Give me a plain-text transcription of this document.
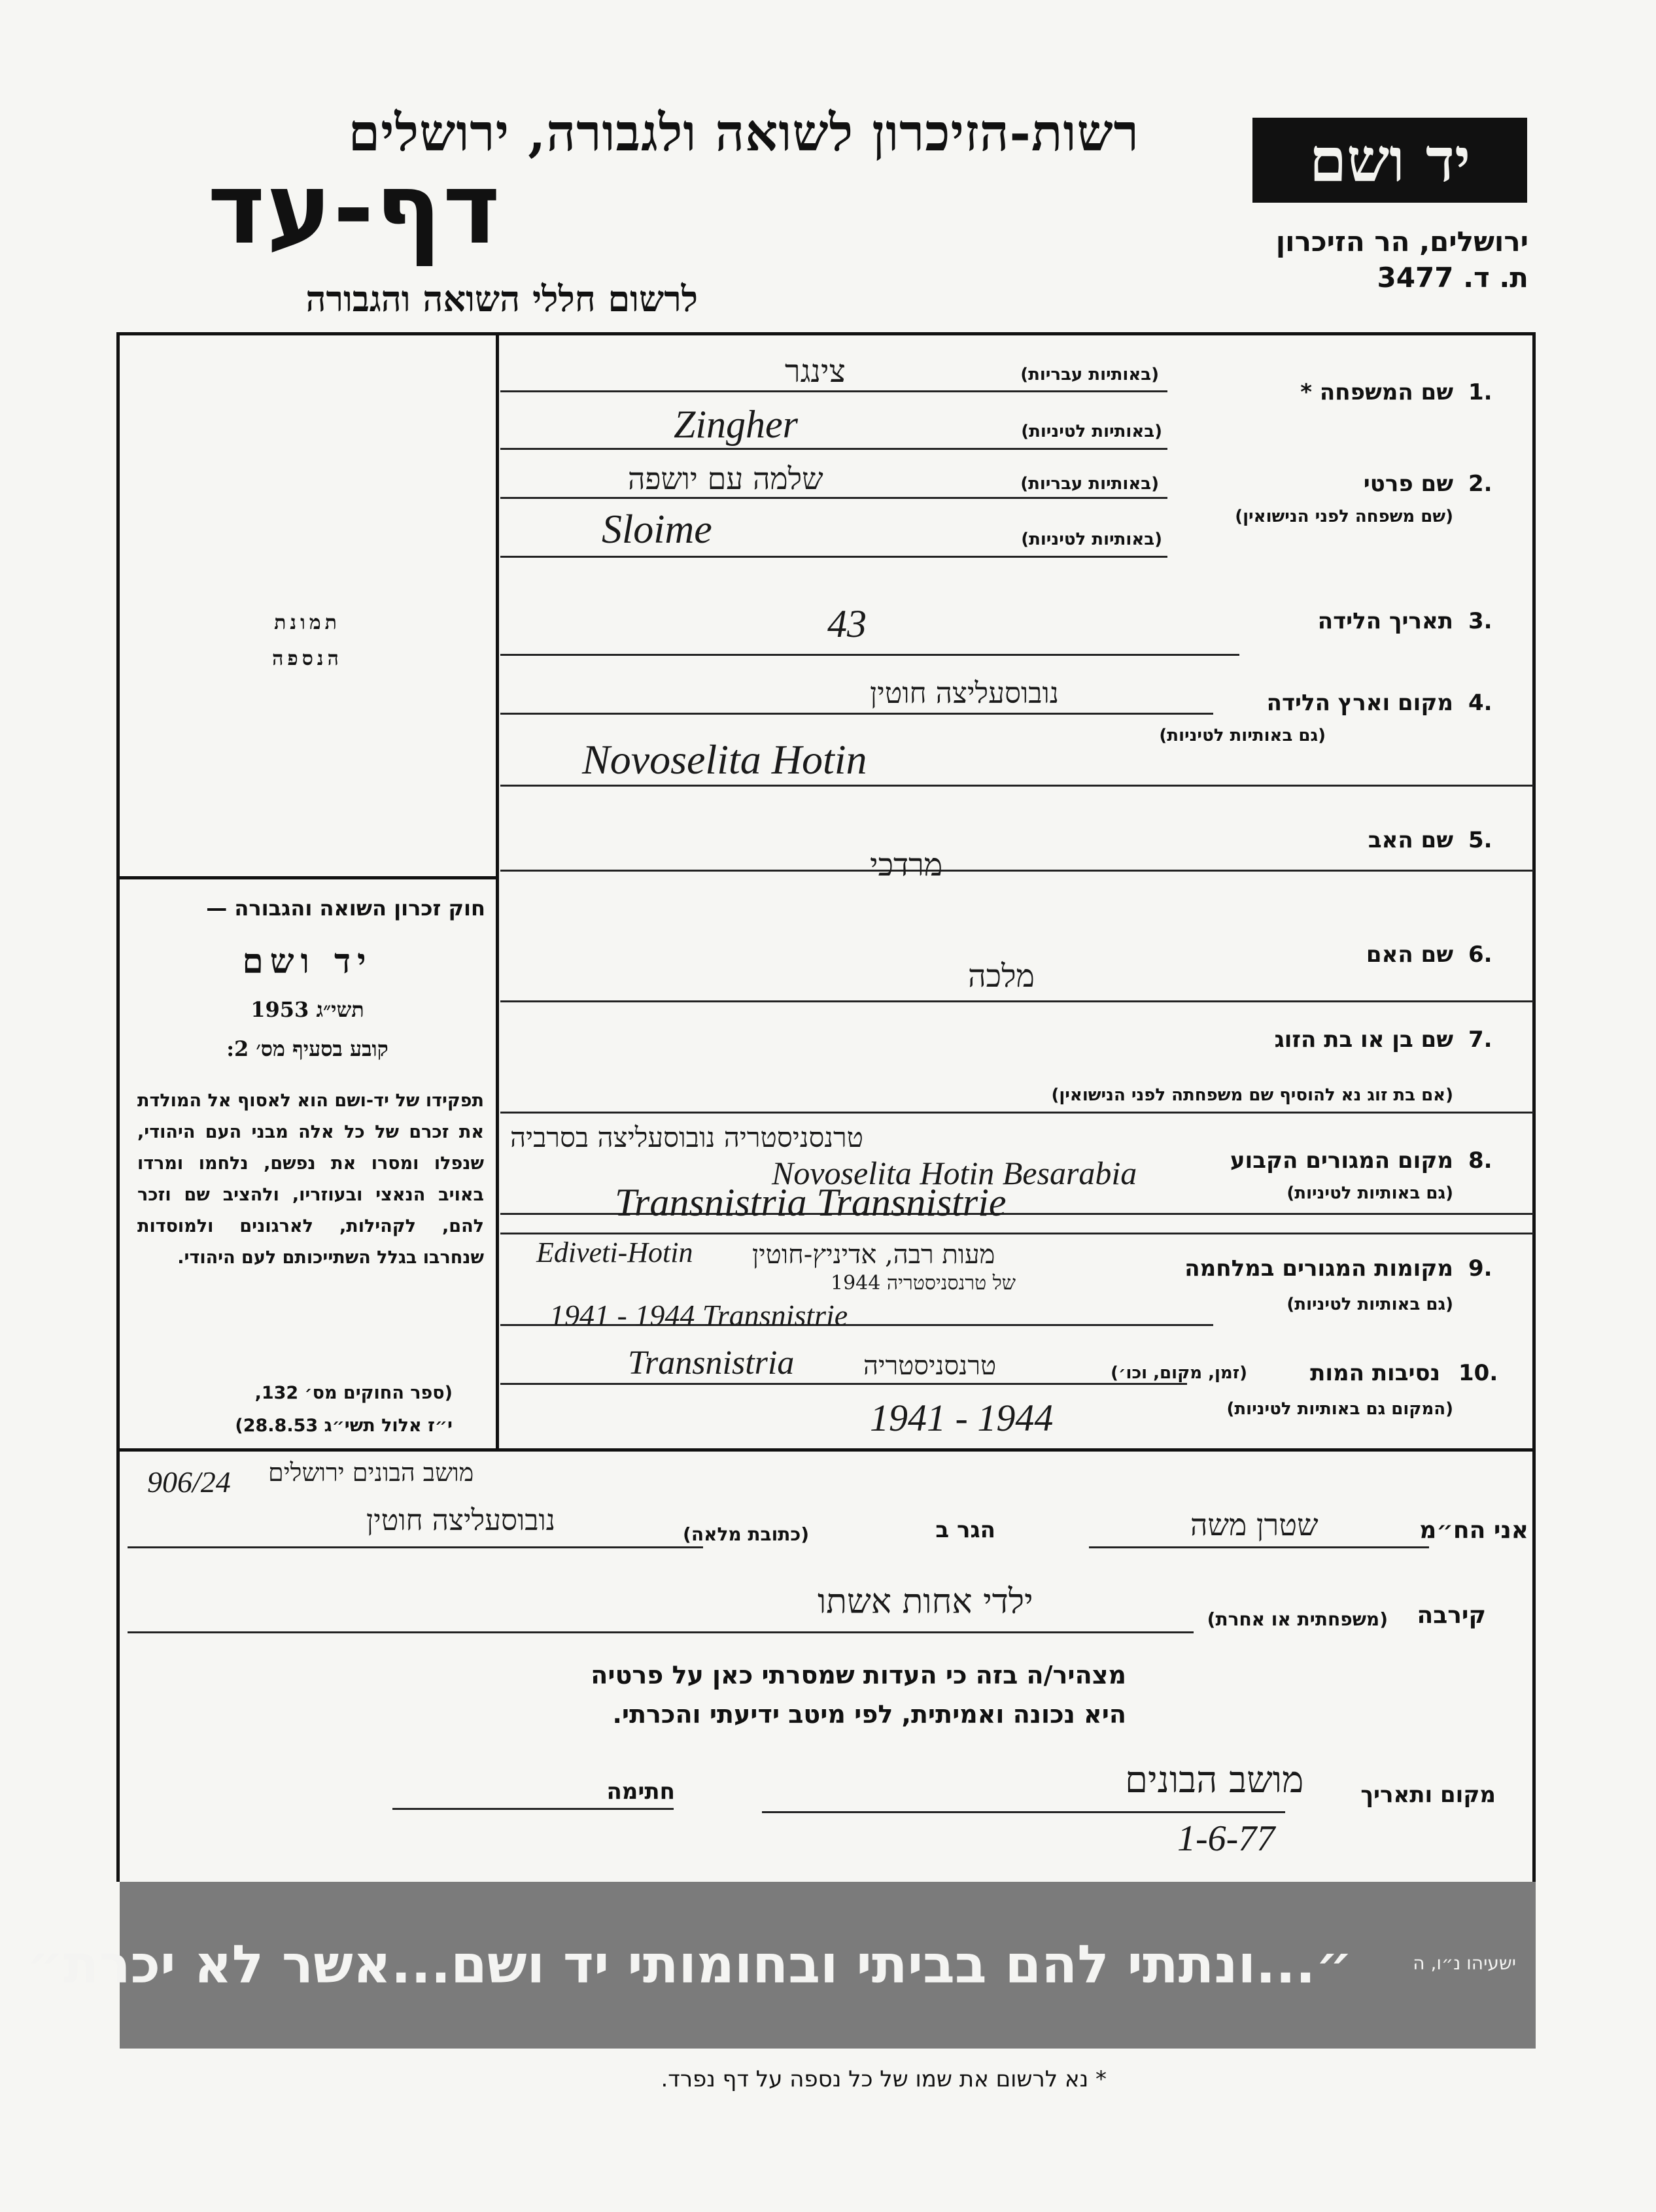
רשות-הזיכרון לשואה ולגבורה, ירושלים
דף-עד
לרשום חללי השואה והגבורה
יד ושם
ירושלים, הר הזיכרון
ת. ד. 3477
תמונת
הנספה
חוק זכרון השואה והגבורה —
יד ושם
תשי״ג 1953
קובע בסעיף מס׳ 2:
תפקידו של יד-ושם הוא לאסוף אל המולדת את זכרם של כל אלה מבני העם היהודי, שנפלו ומסרו את נפשם, נלחמו ומרדו באויב הנאצי ובעוזריו, ולהציב שם וזכר להם, לקהילות, לארגונים ולמוסדות שנחרבו בגלל השתייכותם לעם היהודי.
(ספר החוקים מס׳ 132,
י״ז אלול תשי״ג 28.8.53)
1.
שם המשפחה *
(באותיות עבריות)
צינגר
(באותיות לטיניות)
Zingher
2.
שם פרטי
(שם משפחה לפני הנישואין)
(באותיות עבריות)
שלמה עם יושפה
(באותיות לטיניות)
Sloime
3.
תאריך הלידה
43
4.
מקום וארץ הלידה
(גם באותיות לטיניות)
נובוסעליצה חוטין
Novoselita Hotin
5.
שם האב
מרדכי
6.
שם האם
מלכה
7.
שם בן או בת הזוג
(אם בת זוג נא להוסיף שם משפחתה לפני הנישואין)
8.
מקום המגורים הקבוע
(גם באותיות לטיניות)
טרנסניסטריה נובוסעליצה בסרביה
Novoselita Hotin Besarabia
Transnistria Transnistrie
9.
מקומות המגורים במלחמה
(גם באותיות לטיניות)
Ediveti-Hotin מעות רבה, אדיניץ-חוטין
של טרנסניסטריה 1944
1941 - 1944 Transnistrie
10.
נסיבות המות
(זמן, מקום, וכו׳)
(המקום גם באותיות לטיניות)
Transnistria	טרנסניסטריה
1941 - 1944
אני הח״מ
שטרן משה
הגר ב
(כתובת מלאה)
נובוסעליצה חוטין
מושב הבונים ירושלים
906/24
קירבה
(משפחתית או אחרת)
ילדי אחות אשתו
מצהיר/ה בזה כי העדות שמסרתי כאן על פרטיה
היא נכונה ואמיתית, לפי מיטב ידיעתי והכרתי.
חתימה	מקום ותאריך
מושב הבונים
1-6-77
״...ונתתי להם בביתי ובחומותי יד ושם...אשר לא יכרת״	ישעיהו נ״ו, ה
* נא לרשום את שמו של כל נספה על דף נפרד.
